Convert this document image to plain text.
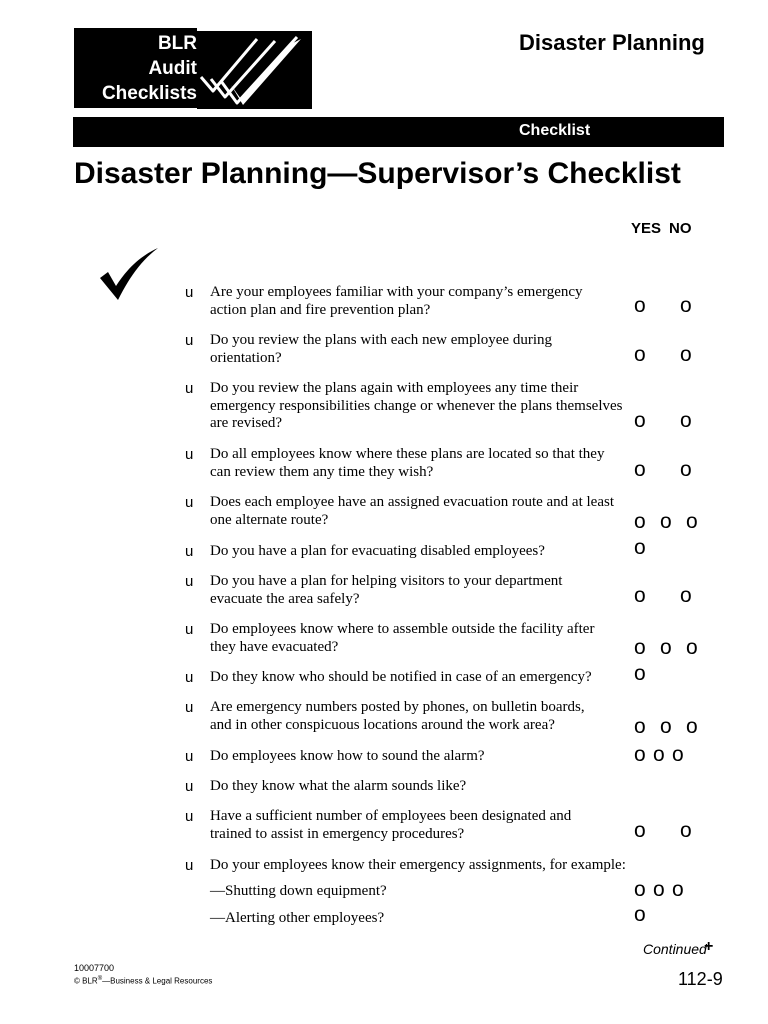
BLR
Audit
Checklists
Disaster Planning
Checklist
Disaster Planning—Supervisor’s Checklist
YES NO
u
u
u
u
u
u
u
u
u
u
u
u
u
u
Are your employees familiar with your company’s emergency
action plan and fire prevention plan?
Do you review the plans with each new employee during
orientation?
Do you review the plans again with employees any time their
emergency responsibilities change or whenever the plans themselves
are revised?
Do all employees know where these plans are located so that they
can review them any time they wish?
Does each employee have an assigned evacuation route and at least
one alternate route?
Do you have a plan for evacuating disabled employees?
Do you have a plan for helping visitors to your department
evacuate the area safely?
Do employees know where to assemble outside the facility after
they have evacuated?
Do they know who should be notified in case of an emergency?
Are emergency numbers posted by phones, on bulletin boards,
and in other conspicuous locations around the work area?
Do employees know how to sound the alarm?
Do they know what the alarm sounds like?
Have a sufficient number of employees been designated and
trained to assist in emergency procedures?
Do your employees know their emergency assignments, for example:
—Shutting down equipment?
—Alerting other employees?
o o
o o
o o
o o
o o o
o
o o
o o o
o
o o o
o o o
o o
o o o
o
10007700
© BLR®—Business & Legal Resources
Continued
+
112-9
